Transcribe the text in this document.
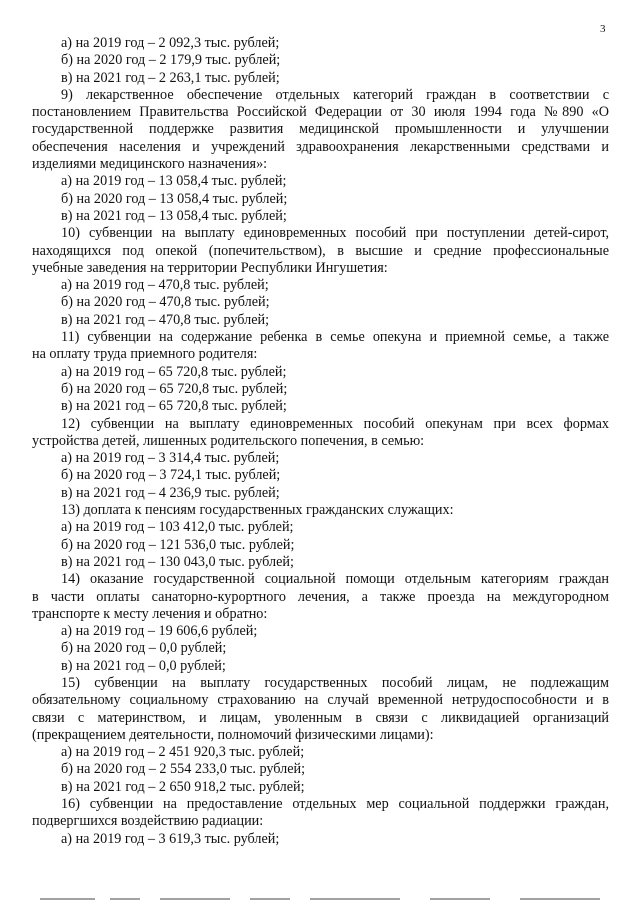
3
а) на 2019 год – 2 092,3 тыс. рублей;
б) на 2020 год – 2 179,9 тыс. рублей;
в) на 2021 год – 2 263,1 тыс. рублей;
9) лекарственное обеспечение отдельных категорий граждан в соответствии с
постановлением Правительства Российской Федерации от 30 июля 1994 года №890 «О
государственной поддержке развития медицинской промышленности и улучшении
обеспечения населения и учреждений здравоохранения лекарственными средствами и
изделиями медицинского назначения»:
а) на 2019 год – 13 058,4 тыс. рублей;
б) на 2020 год – 13 058,4 тыс. рублей;
в) на 2021 год – 13 058,4 тыс. рублей;
10) субвенции на выплату единовременных пособий при поступлении детей-сирот,
находящихся под опекой (попечительством), в высшие и средние профессиональные
учебные заведения на территории Республики Ингушетия:
а) на 2019 год – 470,8 тыс. рублей;
б) на 2020 год – 470,8 тыс. рублей;
в) на 2021 год – 470,8 тыс. рублей;
11) субвенции на содержание ребенка в семье опекуна и приемной семье, а также
на оплату труда приемного родителя:
а) на 2019 год – 65 720,8 тыс. рублей;
б) на 2020 год – 65 720,8 тыс. рублей;
в) на 2021 год – 65 720,8 тыс. рублей;
12) субвенции на выплату единовременных пособий опекунам при всех формах
устройства детей, лишенных родительского попечения, в семью:
а) на 2019 год – 3 314,4 тыс. рублей;
б) на 2020 год – 3 724,1 тыс. рублей;
в) на 2021 год – 4 236,9 тыс. рублей;
13) доплата к пенсиям государственных гражданских служащих:
а) на 2019 год – 103 412,0 тыс. рублей;
б) на 2020 год – 121 536,0 тыс. рублей;
в) на 2021 год – 130 043,0 тыс. рублей;
14) оказание государственной социальной помощи отдельным категориям граждан
в части оплаты санаторно-курортного лечения, а также проезда на междугородном
транспорте к месту лечения и обратно:
а) на 2019 год – 19 606,6 рублей;
б) на 2020 год – 0,0 рублей;
в) на 2021 год – 0,0 рублей;
15) субвенции на выплату государственных пособий лицам, не подлежащим
обязательному социальному страхованию на случай временной нетрудоспособности и в
связи с материнством, и лицам, уволенным в связи с ликвидацией организаций
(прекращением деятельности, полномочий физическими лицами):
а) на 2019 год – 2 451 920,3 тыс. рублей;
б) на 2020 год – 2 554 233,0 тыс. рублей;
в) на 2021 год – 2 650 918,2 тыс. рублей;
16) субвенции на предоставление отдельных мер социальной поддержки граждан,
подвергшихся воздействию радиации:
а) на 2019 год – 3 619,3 тыс. рублей;
